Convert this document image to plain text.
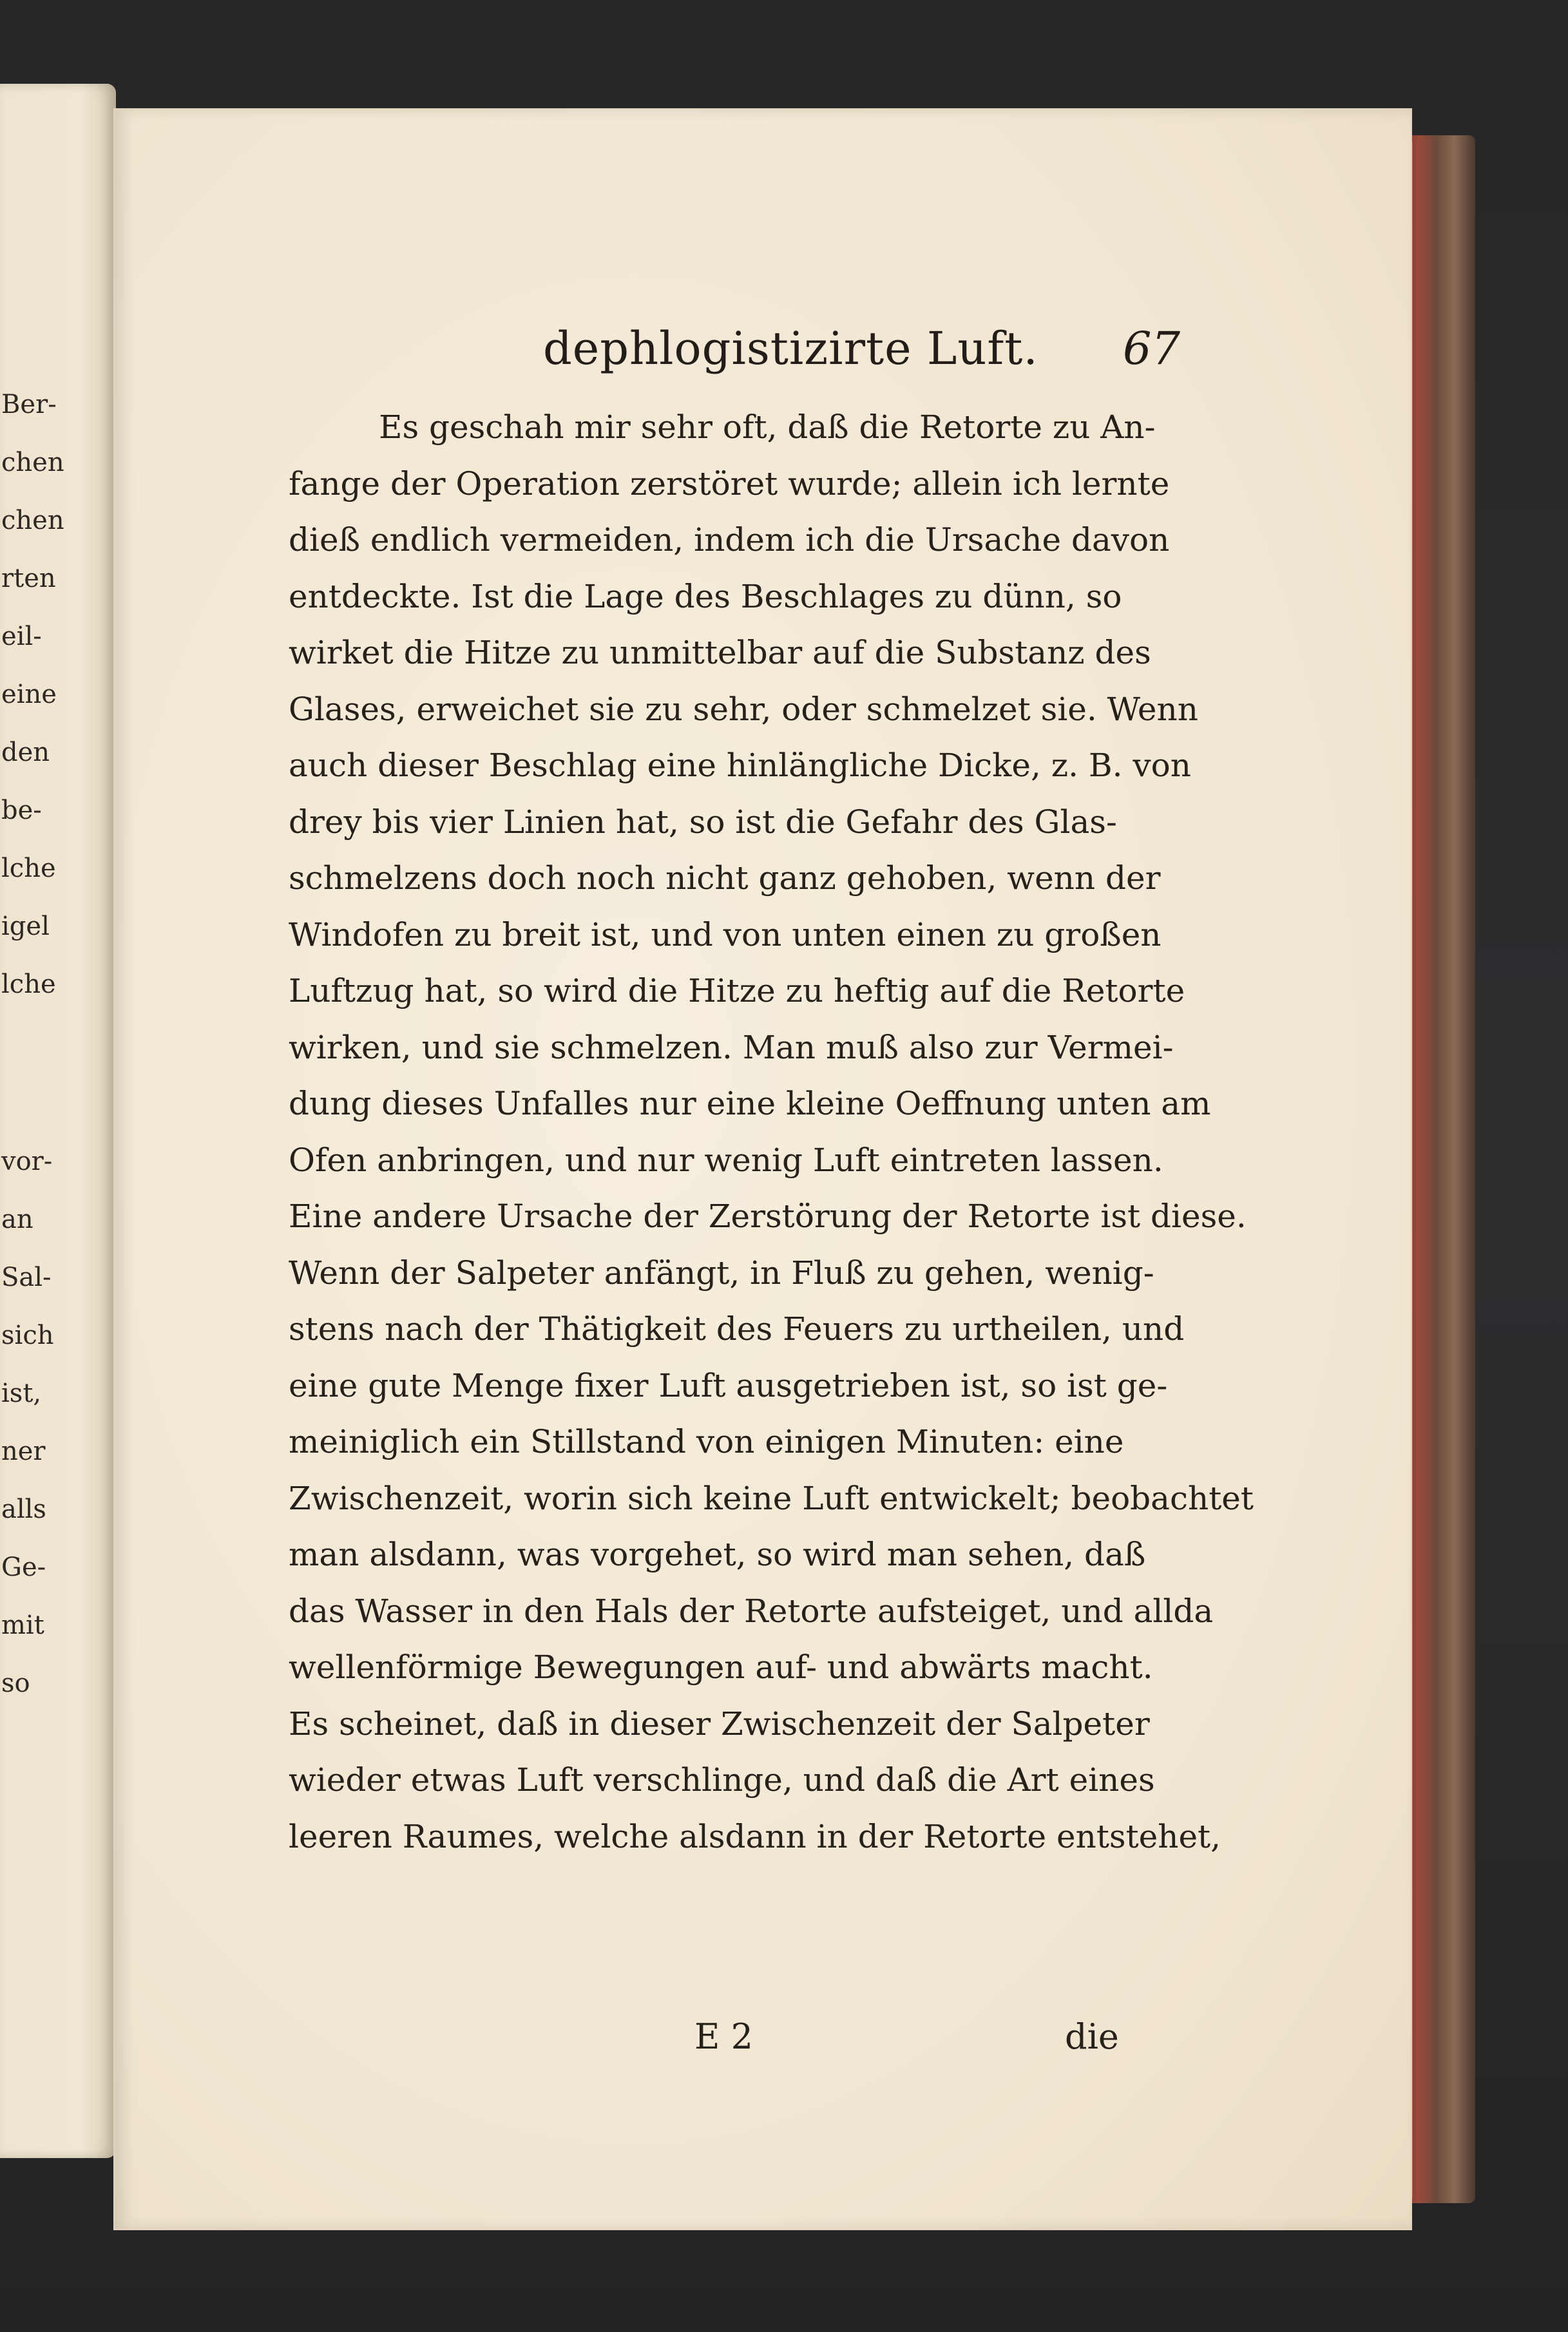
Ber-
chen
chen
rten
eil-
eine
den
be-
lche
igel
lche
vor-
an
Sal-
sich
ist,
ner
alls
Ge-
mit
so
dephlogistizirte Luft. 67
Es geschah mir sehr oft, daß die Retorte zu An-
fange der Operation zerstöret wurde; allein ich lernte
dieß endlich vermeiden, indem ich die Ursache davon
entdeckte. Ist die Lage des Beschlages zu dünn, so
wirket die Hitze zu unmittelbar auf die Substanz des
Glases, erweichet sie zu sehr, oder schmelzet sie. Wenn
auch dieser Beschlag eine hinlängliche Dicke, z. B. von
drey bis vier Linien hat, so ist die Gefahr des Glas-
schmelzens doch noch nicht ganz gehoben, wenn der
Windofen zu breit ist, und von unten einen zu großen
Luftzug hat, so wird die Hitze zu heftig auf die Retorte
wirken, und sie schmelzen. Man muß also zur Vermei-
dung dieses Unfalles nur eine kleine Oeffnung unten am
Ofen anbringen, und nur wenig Luft eintreten lassen.
Eine andere Ursache der Zerstörung der Retorte ist diese.
Wenn der Salpeter anfängt, in Fluß zu gehen, wenig-
stens nach der Thätigkeit des Feuers zu urtheilen, und
eine gute Menge fixer Luft ausgetrieben ist, so ist ge-
meiniglich ein Stillstand von einigen Minuten: eine
Zwischenzeit, worin sich keine Luft entwickelt; beobachtet
man alsdann, was vorgehet, so wird man sehen, daß
das Wasser in den Hals der Retorte aufsteiget, und allda
wellenförmige Bewegungen auf- und abwärts macht.
Es scheinet, daß in dieser Zwischenzeit der Salpeter
wieder etwas Luft verschlinge, und daß die Art eines
leeren Raumes, welche alsdann in der Retorte entstehet,
E 2	die
